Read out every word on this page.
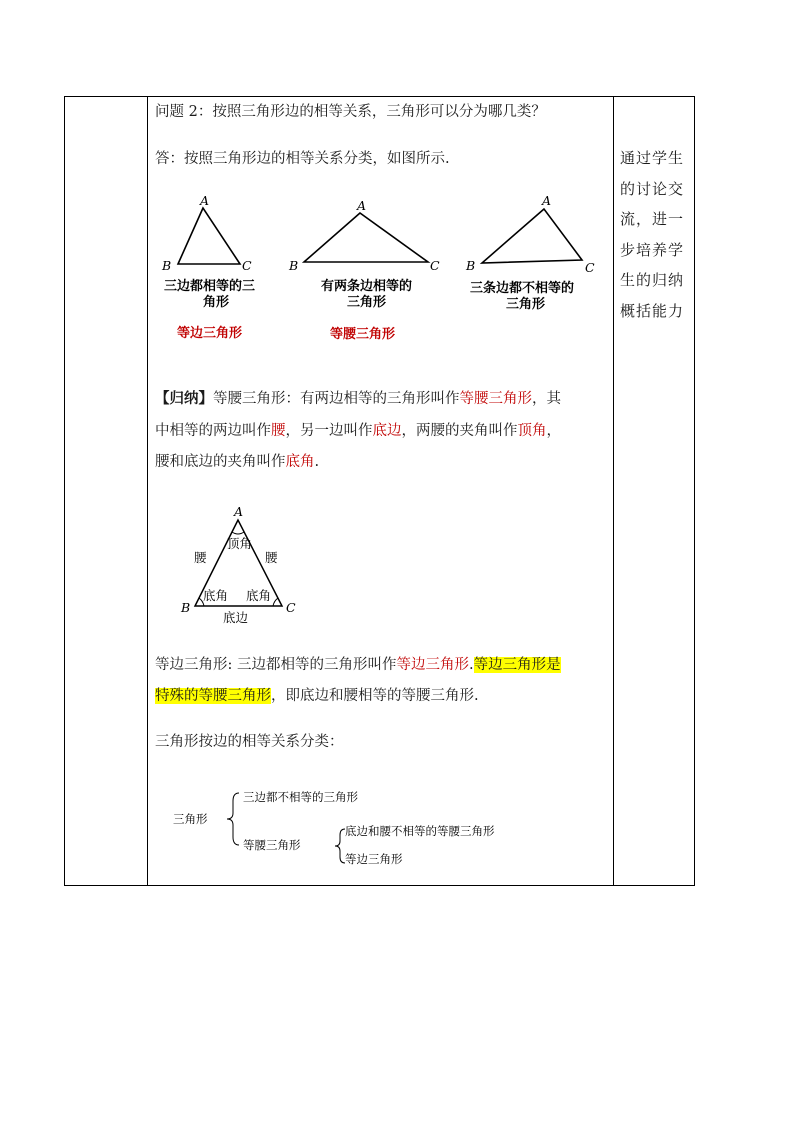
问题 2：按照三角形边的相等关系，三角形可以分为哪几类？
答：按照三角形边的相等关系分类，如图所示.
A
B	C
三边都相等的三
角形
等边三角形
A
B	C
有两条边相等的
三角形
等腰三角形
A
B	C
三条边都不相等的
三角形
【归纳】等腰三角形：有两边相等的三角形叫作等腰三角形，其
中相等的两边叫作腰，另一边叫作底边，两腰的夹角叫作顶角，
腰和底边的夹角叫作底角.
A
B	C
顶角
腰	腰
底角 底角
底边
等边三角形: 三边都相等的三角形叫作等边三角形.等边三角形是
特殊的等腰三角形，即底边和腰相等的等腰三角形.
三角形按边的相等关系分类：
三角形
三边都不相等的三角形
等腰三角形
底边和腰不相等的等腰三角形
等边三角形
通过学生
的讨论交
流，进一
步培养学
生的归纳
概括能力
